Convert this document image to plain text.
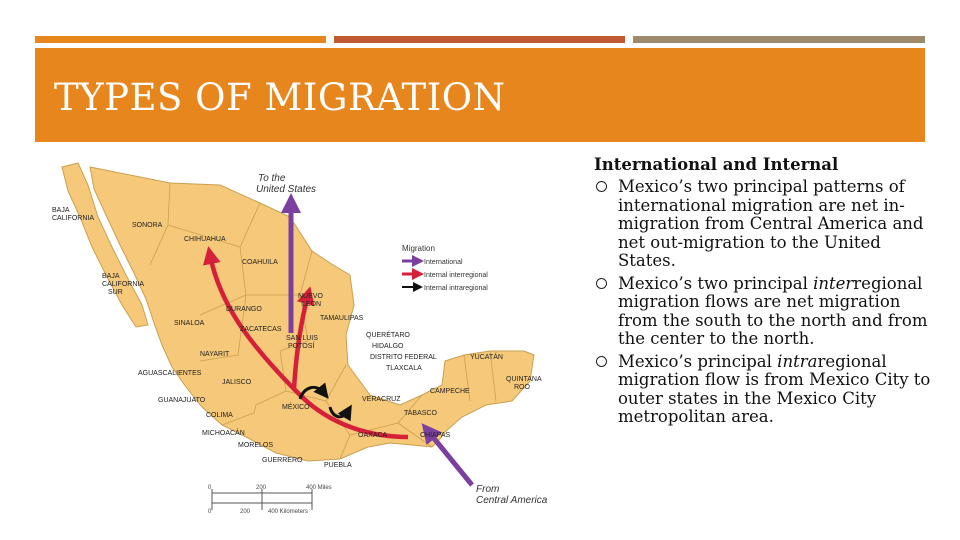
TYPES OF MIGRATION
To the
United States
From
Central America
Migration
International
Internal interregional
Internal intraregional
BAJA
CALIFORNIA
SONORA
CHIHUAHUA
COAHUILA
BAJA
CALIFORNIA
SUR
NUEVO
LEÓN
DURANGO
TAMAULIPAS
SINALOA
ZACATECAS
QUERÉTARO
SAN LUIS
POTOSÍ	HIDALGO
NAYARIT	DISTRITO FEDERAL	YUCATÁN
TLAXCALA
AGUASCALIENTES
JALISCO
CAMPECHE
QUINTANA
ROO
GUANAJUATO	VERACRUZ
MÉXICO
COLIMA	TABASCO
MICHOACÁN	OAXACA	CHIAPAS
MORELOS
GUERRERO
PUEBLA
0	200	400 Miles
0	200	400 Kilometers
International and Internal
Mexico’s two principal patterns of international migration are net in-migration from Central America and net out-migration to the United States.
Mexico’s two principal interregional migration flows are net migration from the south to the north and from the center to the north.
Mexico’s principal intraregional migration flow is from Mexico City to outer states in the Mexico City metropolitan area.
